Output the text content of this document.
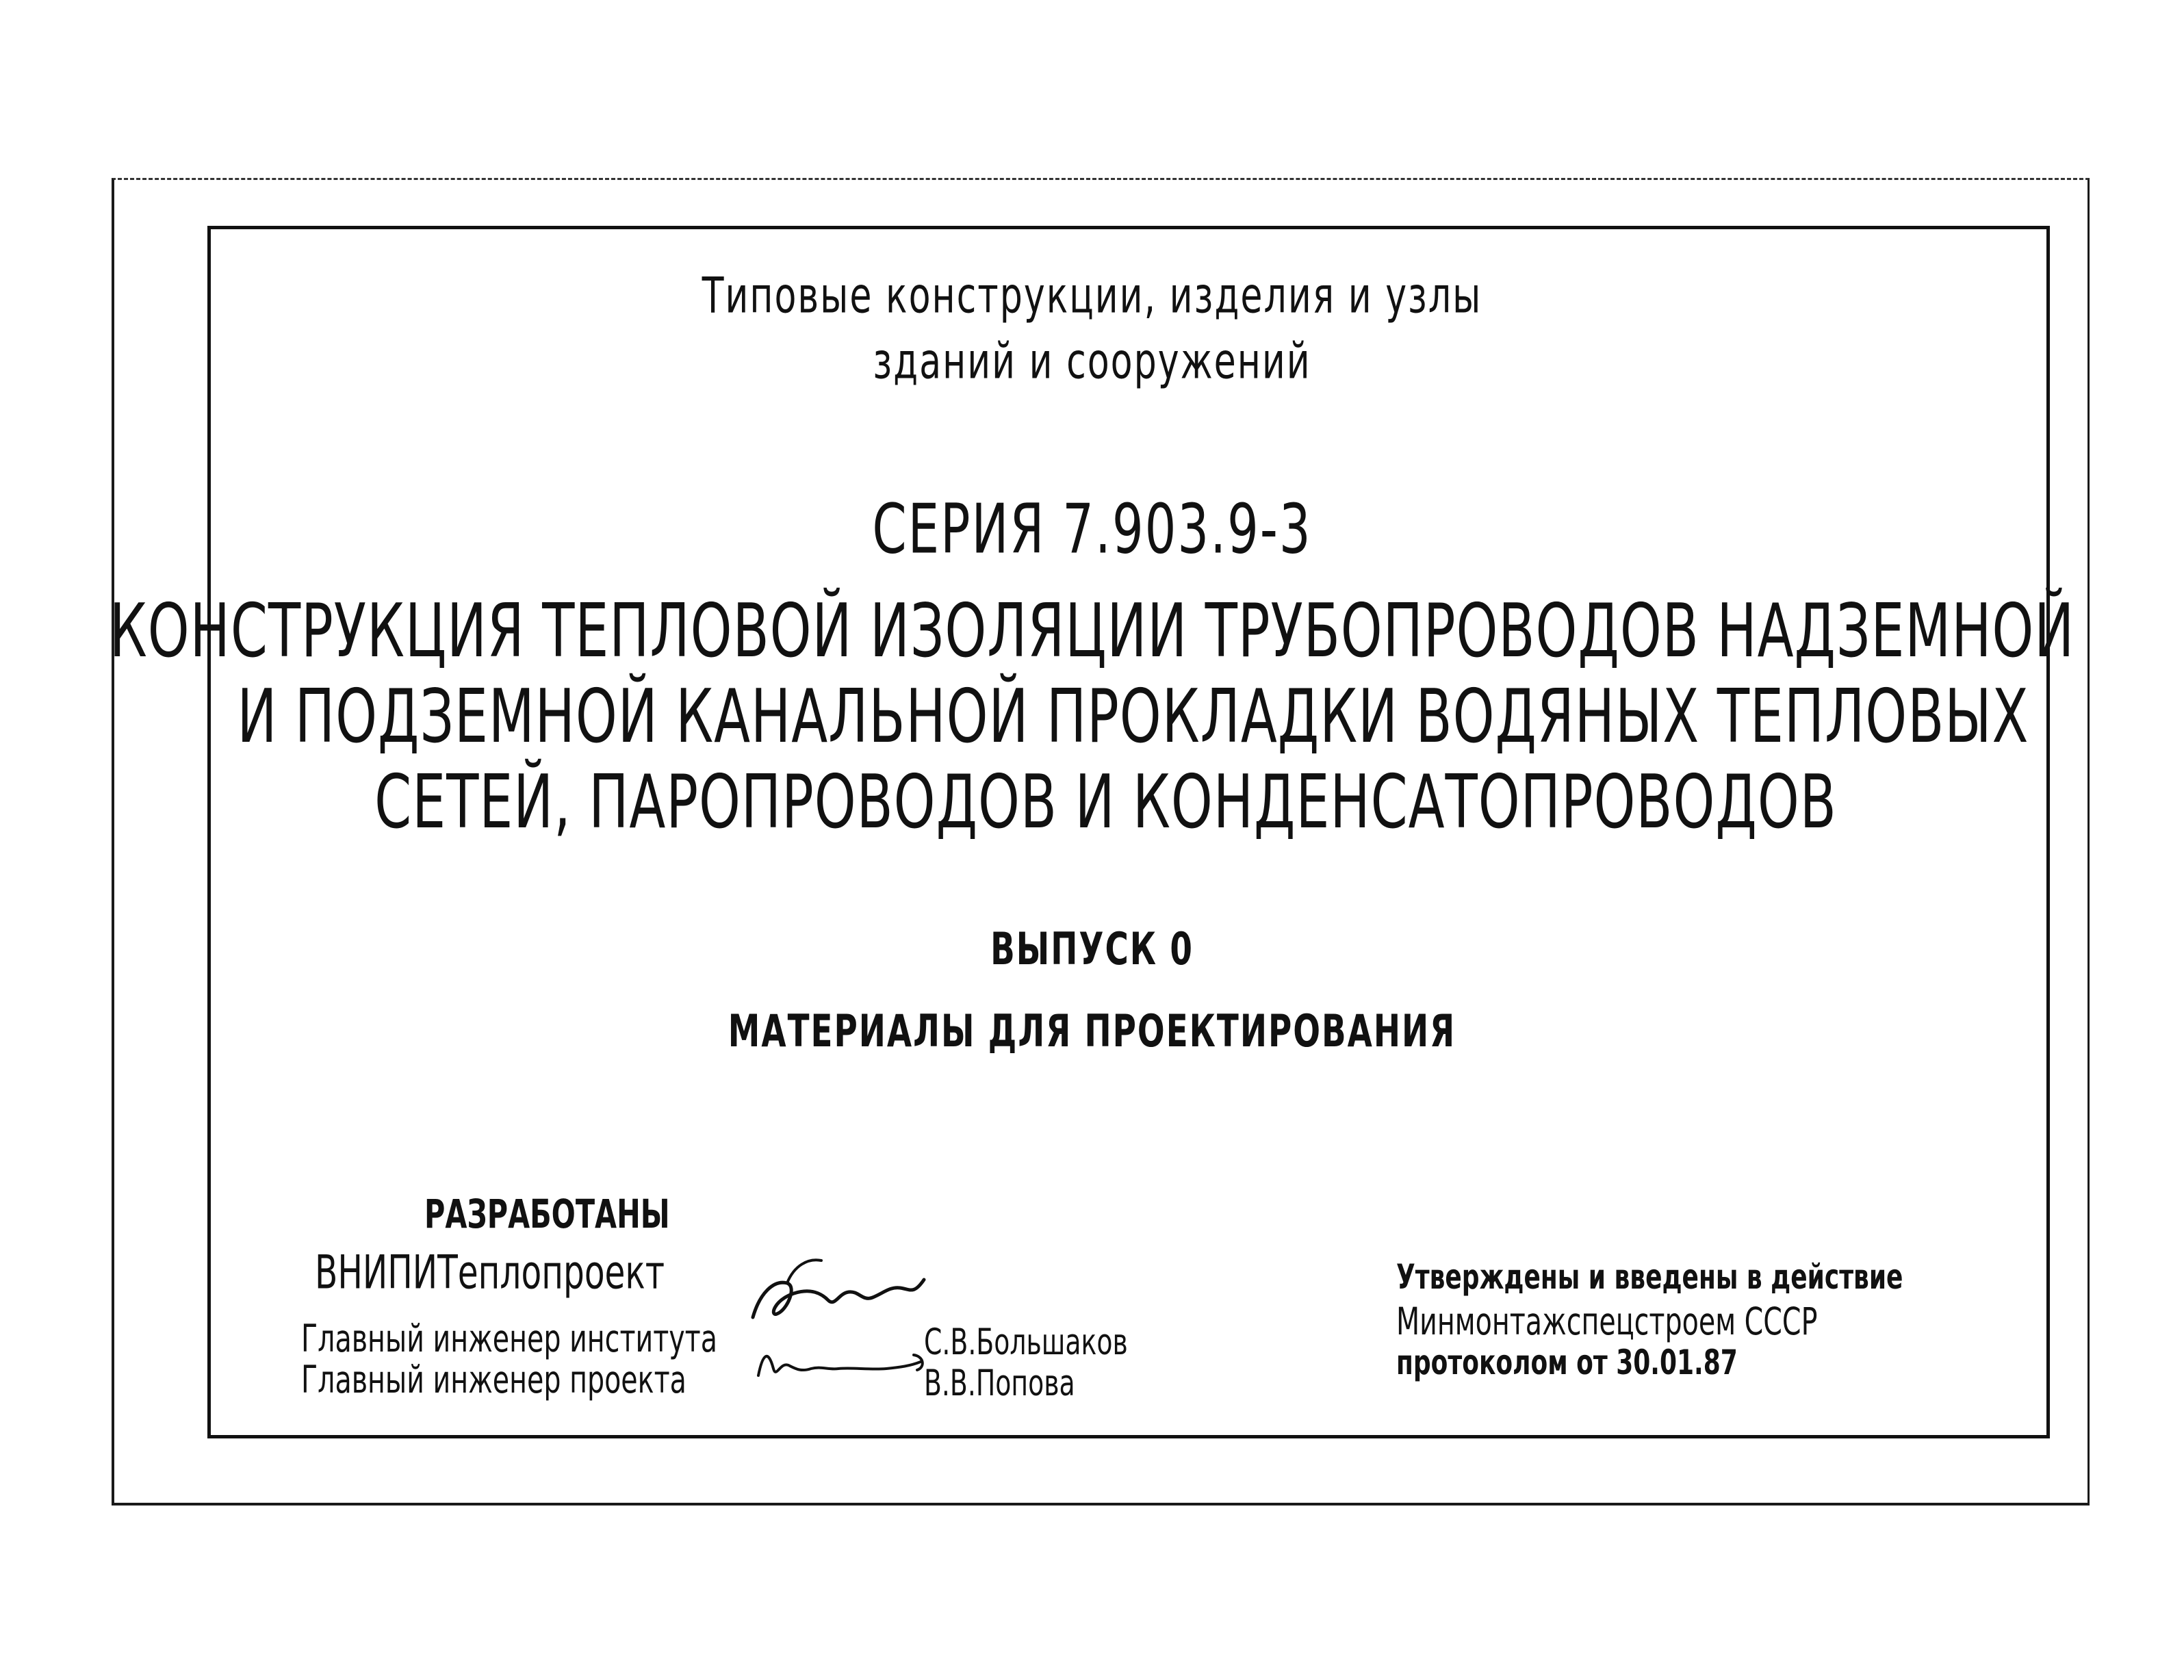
Типовые конструкции, изделия и узлы
зданий и сооружений
СЕРИЯ 7.903.9-3
КОНСТРУКЦИЯ ТЕПЛОВОЙ ИЗОЛЯЦИИ ТРУБОПРОВОДОВ НАДЗЕМНОЙ
И ПОДЗЕМНОЙ КАНАЛЬНОЙ ПРОКЛАДКИ ВОДЯНЫХ ТЕПЛОВЫХ
СЕТЕЙ, ПАРОПРОВОДОВ И КОНДЕНСАТОПРОВОДОВ
ВЫПУСК 0
МАТЕРИАЛЫ ДЛЯ ПРОЕКТИРОВАНИЯ
РАЗРАБОТАНЫ
ВНИПИТеплопроект
Главный инженер института
Главный инженер проекта
С.В.Большаков
В.В.Попова
Утверждены и введены в действие
Минмонтажспецстроем СССР
протоколом от 30.01.87
